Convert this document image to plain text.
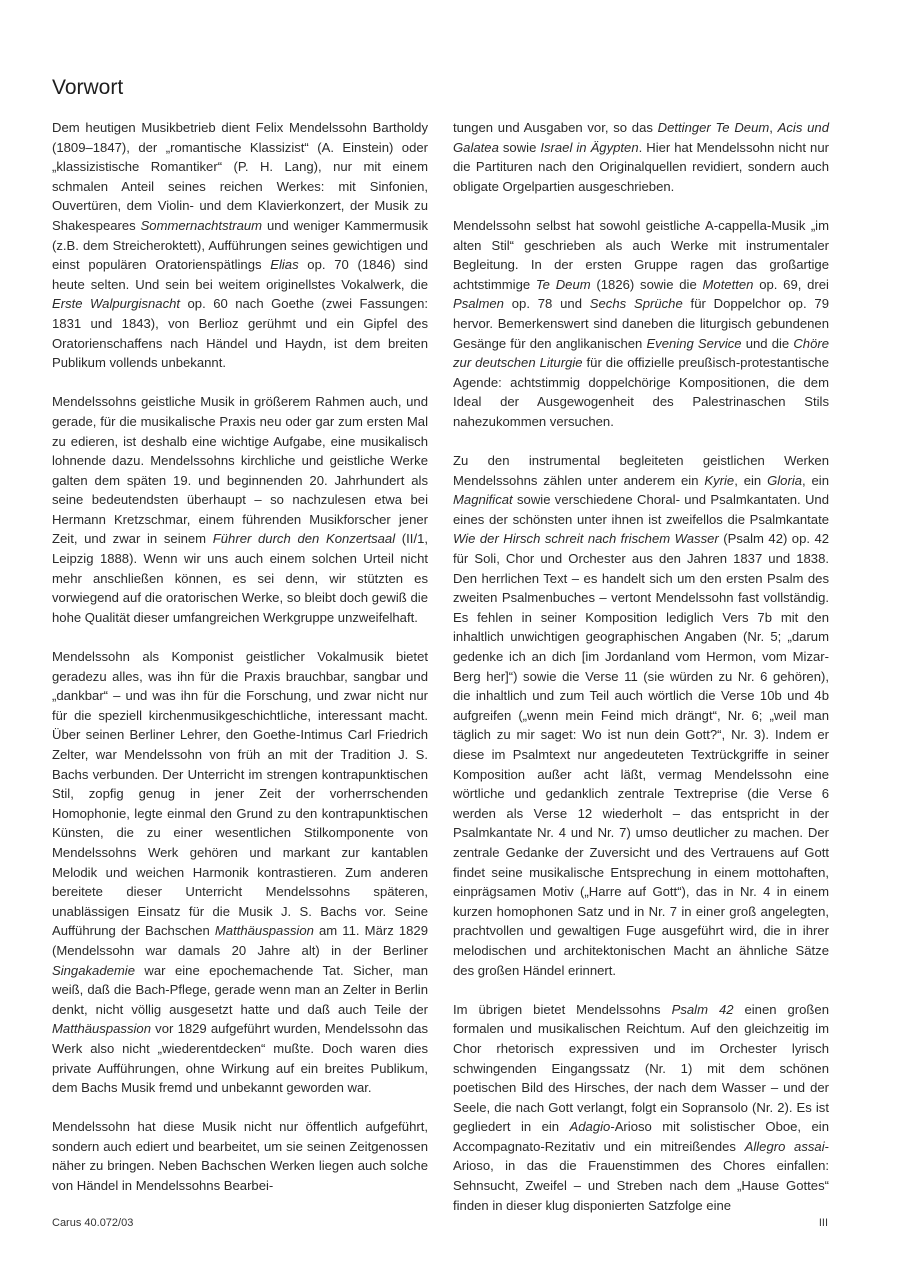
Vorwort

Dem heutigen Musikbetrieb dient Felix Mendelssohn Bartholdy (1809–1847), der „romantische Klassizist“ (A. Einstein) oder „klassizistische Romantiker“ (P. H. Lang), nur mit einem schmalen Anteil seines reichen Werkes: mit Sinfonien, Ouvertüren, dem Violin- und dem Klavierkonzert, der Musik zu Shakespeares Sommernachtstraum und weniger Kammermusik (z.B. dem Streicheroktett), Aufführungen seines gewichtigen und einst populären Oratorienspätlings Elias op. 70 (1846) sind heute selten. Und sein bei weitem originellstes Vokalwerk, die Erste Walpurgisnacht op. 60 nach Goethe (zwei Fassungen: 1831 und 1843), von Berlioz gerühmt und ein Gipfel des Oratorienschaffens nach Händel und Haydn, ist dem breiten Publikum vollends unbekannt.

Mendelssohns geistliche Musik in größerem Rahmen auch, und gerade, für die musikalische Praxis neu oder gar zum ersten Mal zu edieren, ist deshalb eine wichtige Aufgabe, eine musikalisch lohnende dazu. Mendelssohns kirchliche und geistliche Werke galten dem späten 19. und beginnenden 20. Jahrhundert als seine bedeutendsten überhaupt – so nachzulesen etwa bei Hermann Kretzschmar, einem führenden Musikforscher jener Zeit, und zwar in seinem Führer durch den Konzertsaal (II/1, Leipzig 1888). Wenn wir uns auch einem solchen Urteil nicht mehr anschließen können, es sei denn, wir stützten es vorwiegend auf die oratorischen Werke, so bleibt doch gewiß die hohe Qualität dieser umfangreichen Werkgruppe unzweifelhaft.

Mendelssohn als Komponist geistlicher Vokalmusik bietet geradezu alles, was ihn für die Praxis brauchbar, sangbar und „dankbar“ – und was ihn für die Forschung, und zwar nicht nur für die speziell kirchenmusikgeschichtliche, interessant macht. Über seinen Berliner Lehrer, den Goethe-Intimus Carl Friedrich Zelter, war Mendelssohn von früh an mit der Tradition J. S. Bachs verbunden. Der Unterricht im strengen kontrapunktischen Stil, zopfig genug in jener Zeit der vorherrschenden Homophonie, legte einmal den Grund zu den kontrapunktischen Künsten, die zu einer wesentlichen Stilkomponente von Mendelssohns Werk gehören und markant zur kantablen Melodik und weichen Harmonik kontrastieren. Zum anderen bereitete dieser Unterricht Mendelssohns späteren, unablässigen Einsatz für die Musik J. S. Bachs vor. Seine Aufführung der Bachschen Matthäuspassion am 11. März 1829 (Mendelssohn war damals 20 Jahre alt) in der Berliner Singakademie war eine epochemachende Tat. Sicher, man weiß, daß die Bach-Pflege, gerade wenn man an Zelter in Berlin denkt, nicht völlig ausgesetzt hatte und daß auch Teile der Matthäuspassion vor 1829 aufgeführt wurden, Mendelssohn das Werk also nicht „wiederentdecken“ mußte. Doch waren dies private Aufführungen, ohne Wirkung auf ein breites Publikum, dem Bachs Musik fremd und unbekannt geworden war.

Mendelssohn hat diese Musik nicht nur öffentlich aufgeführt, sondern auch ediert und bearbeitet, um sie seinen Zeitgenossen näher zu bringen. Neben Bachschen Werken liegen auch solche von Händel in Mendelssohns Bearbei-

tungen und Ausgaben vor, so das Dettinger Te Deum, Acis und Galatea sowie Israel in Ägypten. Hier hat Mendelssohn nicht nur die Partituren nach den Originalquellen revidiert, sondern auch obligate Orgelpartien ausgeschrieben.

Mendelssohn selbst hat sowohl geistliche A-cappella-Musik „im alten Stil“ geschrieben als auch Werke mit instrumentaler Begleitung. In der ersten Gruppe ragen das großartige achtstimmige Te Deum (1826) sowie die Motetten op. 69, drei Psalmen op. 78 und Sechs Sprüche für Doppelchor op. 79 hervor. Bemerkenswert sind daneben die liturgisch gebundenen Gesänge für den anglikanischen Evening Service und die Chöre zur deutschen Liturgie für die offizielle preußisch-protestantische Agende: achtstimmig doppelchörige Kompositionen, die dem Ideal der Ausgewogenheit des Palestrinaschen Stils nahezukommen versuchen.

Zu den instrumental begleiteten geistlichen Werken Mendelssohns zählen unter anderem ein Kyrie, ein Gloria, ein Magnificat sowie verschiedene Choral- und Psalmkantaten. Und eines der schönsten unter ihnen ist zweifellos die Psalmkantate Wie der Hirsch schreit nach frischem Wasser (Psalm 42) op. 42 für Soli, Chor und Orchester aus den Jahren 1837 und 1838. Den herrlichen Text – es handelt sich um den ersten Psalm des zweiten Psalmenbuches – vertont Mendelssohn fast vollständig. Es fehlen in seiner Komposition lediglich Vers 7b mit den inhaltlich unwichtigen geographischen Angaben (Nr. 5; „darum gedenke ich an dich [im Jordanland vom Hermon, vom Mizar-Berg her]“) sowie die Verse 11 (sie würden zu Nr. 6 gehören), die inhaltlich und zum Teil auch wörtlich die Verse 10b und 4b aufgreifen („wenn mein Feind mich drängt“, Nr. 6; „weil man täglich zu mir saget: Wo ist nun dein Gott?“, Nr. 3). Indem er diese im Psalmtext nur angedeuteten Textrückgriffe in seiner Komposition außer acht läßt, vermag Mendelssohn eine wörtliche und gedanklich zentrale Textreprise (die Verse 6 werden als Verse 12 wiederholt – das entspricht in der Psalmkantate Nr. 4 und Nr. 7) umso deutlicher zu machen. Der zentrale Gedanke der Zuversicht und des Vertrauens auf Gott findet seine musikalische Entsprechung in einem mottohaften, einprägsamen Motiv („Harre auf Gott“), das in Nr. 4 in einem kurzen homophonen Satz und in Nr. 7 in einer groß angelegten, prachtvollen und gewaltigen Fuge ausgeführt wird, die in ihrer melodischen und architektonischen Macht an ähnliche Sätze des großen Händel erinnert.

Im übrigen bietet Mendelssohns Psalm 42 einen großen formalen und musikalischen Reichtum. Auf den gleichzeitig im Chor rhetorisch expressiven und im Orchester lyrisch schwingenden Eingangssatz (Nr. 1) mit dem schönen poetischen Bild des Hirsches, der nach dem Wasser – und der Seele, die nach Gott verlangt, folgt ein Sopransolo (Nr. 2). Es ist gegliedert in ein Adagio-Arioso mit solistischer Oboe, ein Accompagnato-Rezitativ und ein mitreißendes Allegro assai-Arioso, in das die Frauenstimmen des Chores einfallen: Sehnsucht, Zweifel – und Streben nach dem „Hause Gottes“ finden in dieser klug disponierten Satzfolge eine

Carus 40.072/03	III
